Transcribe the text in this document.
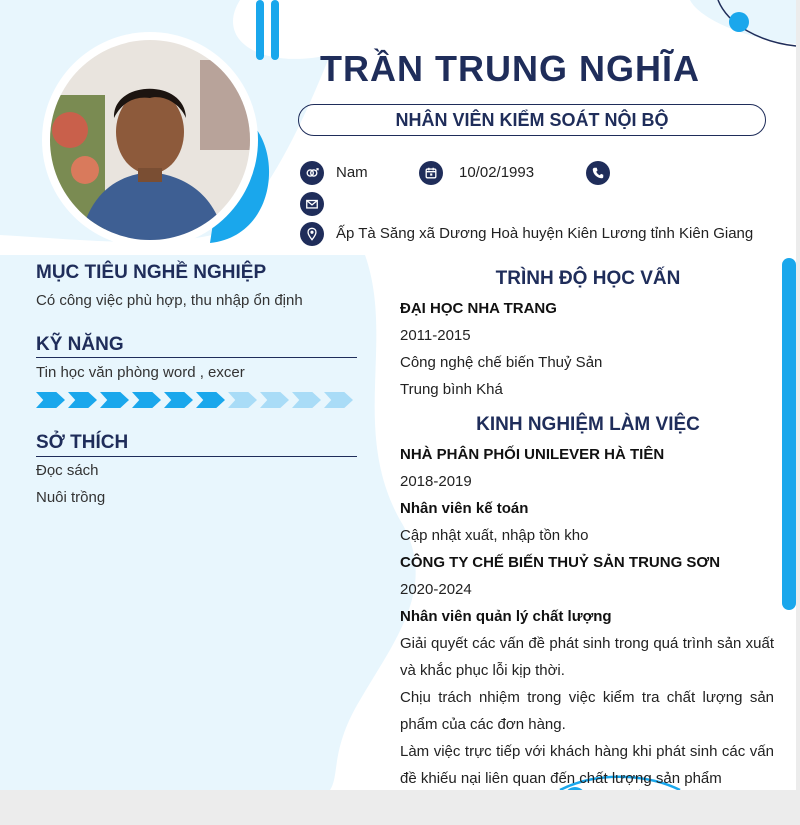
TRẦN TRUNG NGHĨA
NHÂN VIÊN KIỂM SOÁT NỘI BỘ
Nam	10/02/1993
Ấp Tà Săng xã Dương Hoà huyện Kiên Lương tỉnh Kiên Giang
MỤC TIÊU NGHỀ NGHIỆP
Có công việc phù hợp, thu nhập ổn định
KỸ NĂNG
Tin học văn phòng word , excer
SỞ THÍCH
Đọc sách
Nuôi trồng
TRÌNH ĐỘ HỌC VẤN
ĐẠI HỌC NHA TRANG
2011-2015
Công nghệ chế biến Thuỷ Sản
Trung bình Khá
KINH NGHIỆM LÀM VIỆC
NHÀ PHÂN PHỐI UNILEVER HÀ TIÊN
2018-2019
Nhân viên kế toán
Cập nhật xuất, nhập tồn kho
CÔNG TY CHẾ BIẾN THUỶ SẢN TRUNG SƠN
2020-2024
Nhân viên quản lý chất lượng
Giải quyết các vấn đề phát sinh trong quá trình sản xuất và khắc phục lỗi kịp thời.
Chịu trách nhiệm trong việc kiểm tra chất lượng sản phẩm của các đơn hàng.
Làm việc trực tiếp với khách hàng khi phát sinh các vấn đề khiếu nại liên quan đến chất lượng sản phẩm
